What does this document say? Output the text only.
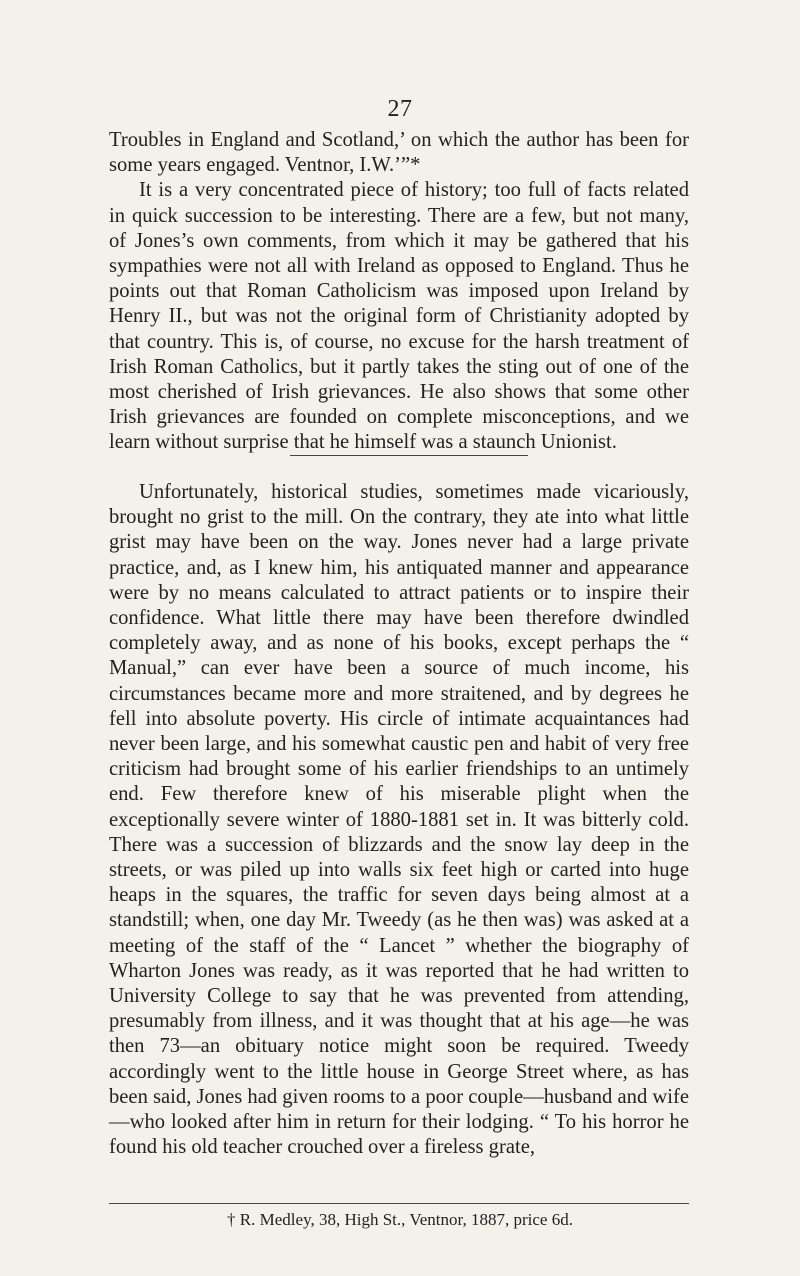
27

Troubles in England and Scotland,’ on which the author has been for some years engaged. Ventnor, I.W.’”*

It is a very concentrated piece of history; too full of facts related in quick succession to be interesting. There are a few, but not many, of Jones’s own comments, from which it may be gathered that his sympathies were not all with Ireland as opposed to England. Thus he points out that Roman Catholicism was imposed upon Ireland by Henry II., but was not the original form of Christianity adopted by that country. This is, of course, no excuse for the harsh treatment of Irish Roman Catholics, but it partly takes the sting out of one of the most cherished of Irish grievances. He also shows that some other Irish grievances are founded on complete misconceptions, and we learn without surprise that he himself was a staunch Unionist.

Unfortunately, historical studies, sometimes made vicariously, brought no grist to the mill. On the contrary, they ate into what little grist may have been on the way. Jones never had a large private practice, and, as I knew him, his antiquated manner and appearance were by no means calculated to attract patients or to inspire their confidence. What little there may have been therefore dwindled completely away, and as none of his books, except perhaps the “ Manual,” can ever have been a source of much income, his circumstances became more and more straitened, and by degrees he fell into absolute poverty. His circle of intimate acquaintances had never been large, and his somewhat caustic pen and habit of very free criticism had brought some of his earlier friendships to an untimely end. Few therefore knew of his miserable plight when the exceptionally severe winter of 1880-1881 set in. It was bitterly cold. There was a succession of blizzards and the snow lay deep in the streets, or was piled up into walls six feet high or carted into huge heaps in the squares, the traffic for seven days being almost at a standstill; when, one day Mr. Tweedy (as he then was) was asked at a meeting of the staff of the “ Lancet ” whether the biography of Wharton Jones was ready, as it was reported that he had written to University College to say that he was prevented from attending, presumably from illness, and it was thought that at his age—he was then 73—an obituary notice might soon be required. Tweedy accordingly went to the little house in George Street where, as has been said, Jones had given rooms to a poor couple—husband and wife—who looked after him in return for their lodging. “ To his horror he found his old teacher crouched over a fireless grate,

† R. Medley, 38, High St., Ventnor, 1887, price 6d.
